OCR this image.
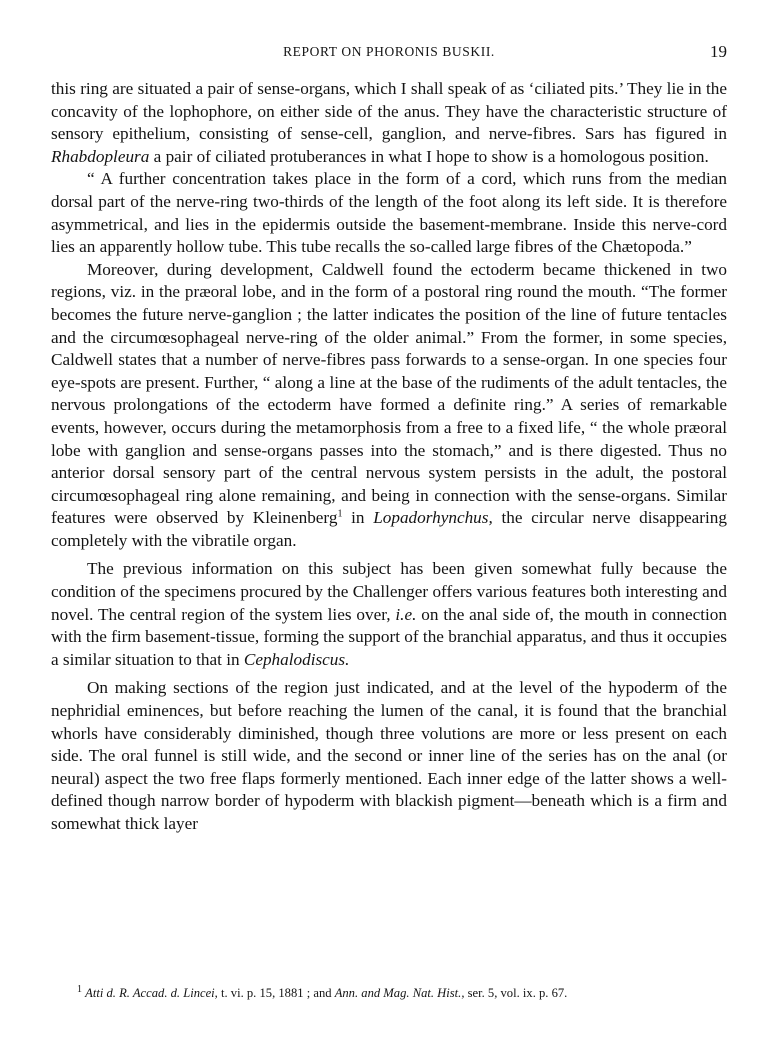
REPORT ON PHORONIS BUSKII.	19

this ring are situated a pair of sense-organs, which I shall speak of as ‘ciliated pits.’ They lie in the concavity of the lophophore, on either side of the anus. They have the characteristic structure of sensory epithelium, consisting of sense-cell, ganglion, and nerve-fibres. Sars has figured in Rhabdopleura a pair of ciliated protuberances in what I hope to show is a homologous position.

“ A further concentration takes place in the form of a cord, which runs from the median dorsal part of the nerve-ring two-thirds of the length of the foot along its left side. It is therefore asymmetrical, and lies in the epidermis outside the basement-membrane. Inside this nerve-cord lies an apparently hollow tube. This tube recalls the so-called large fibres of the Chætopoda.”

Moreover, during development, Caldwell found the ectoderm became thickened in two regions, viz. in the præoral lobe, and in the form of a postoral ring round the mouth. “The former becomes the future nerve-ganglion ; the latter indicates the position of the line of future tentacles and the circumœsophageal nerve-ring of the older animal.” From the former, in some species, Caldwell states that a number of nerve-fibres pass forwards to a sense-organ. In one species four eye-spots are present. Further, “ along a line at the base of the rudiments of the adult tentacles, the nervous prolongations of the ectoderm have formed a definite ring.” A series of remarkable events, however, occurs during the metamorphosis from a free to a fixed life, “ the whole præoral lobe with ganglion and sense-organs passes into the stomach,” and is there digested. Thus no anterior dorsal sensory part of the central nervous system persists in the adult, the postoral circumœsophageal ring alone remaining, and being in connection with the sense-organs. Similar features were observed by Kleinenberg$^1$ in Lopadorhynchus, the circular nerve disappearing completely with the vibratile organ.

The previous information on this subject has been given somewhat fully because the condition of the specimens procured by the Challenger offers various features both interesting and novel. The central region of the system lies over, i.e. on the anal side of, the mouth in connection with the firm basement-tissue, forming the support of the branchial apparatus, and thus it occupies a similar situation to that in Cephalodiscus.

On making sections of the region just indicated, and at the level of the hypoderm of the nephridial eminences, but before reaching the lumen of the canal, it is found that the branchial whorls have considerably diminished, though three volutions are more or less present on each side. The oral funnel is still wide, and the second or inner line of the series has on the anal (or neural) aspect the two free flaps formerly mentioned. Each inner edge of the latter shows a well-defined though narrow border of hypoderm with blackish pigment—beneath which is a firm and somewhat thick layer

$^1$ Atti d. R. Accad. d. Lincei, t. vi. p. 15, 1881 ; and Ann. and Mag. Nat. Hist., ser. 5, vol. ix. p. 67.
